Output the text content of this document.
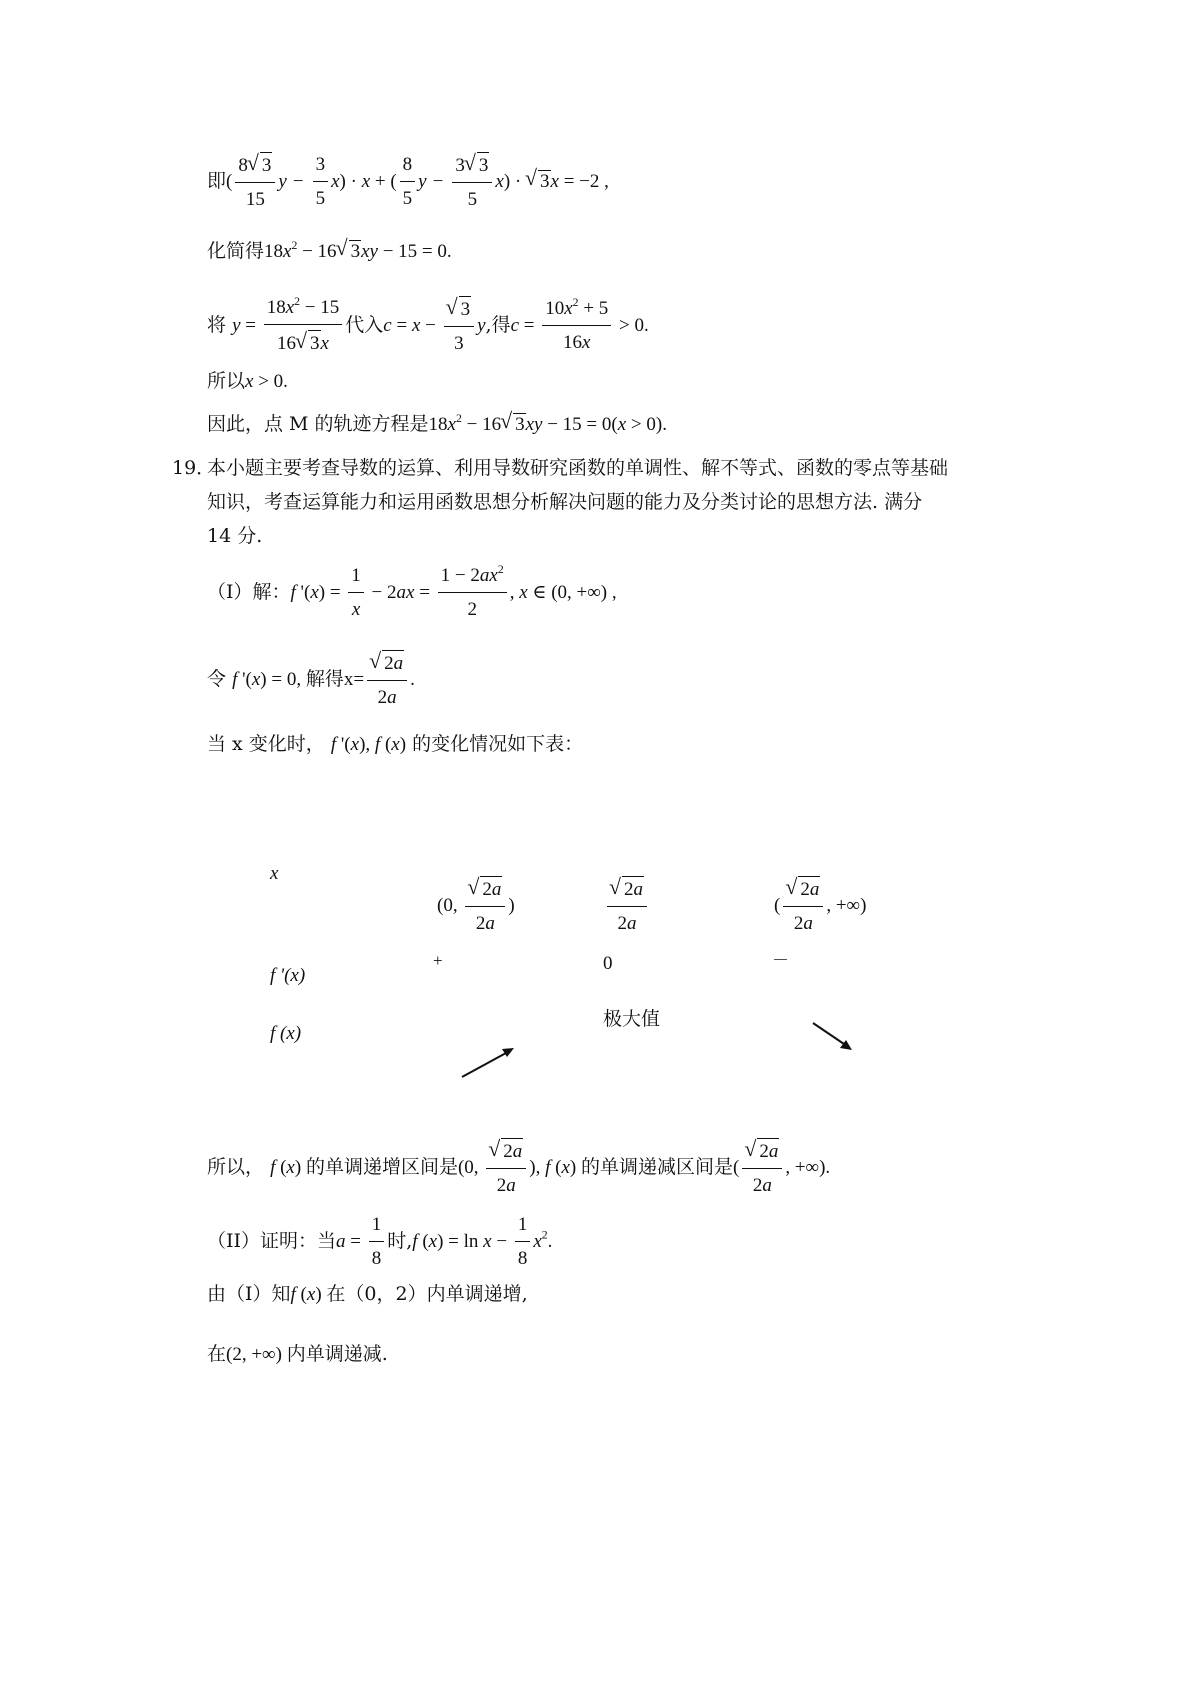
即( $\frac{8√ 3}{15}$ $y - \frac{3}{5} x) \cdot x$ + ( $\frac{8}{5}$ $y - \frac{3√ 3}{5} x$) · √ 3x = −2 ,
化简得$18x^2 - 16√$ 3xy − 15 = 0.
将 $y = \frac{18x^2 - 15}{16√ 3x}$ 代入c = x −
√ $\frac{3}{3} y$,得$c = \frac{10x^2 + 5}{16x} > 0$.
所以x > 0.
因此，点 M 的轨迹方程是$18x^2 - 16√$ 3xy − 15 = 0(x > 0).
19．
本小题主要考查导数的运算、利用导数研究函数的单调性、解不等式、函数的零点等基础知识，考查运算能力和运用函数思想分析解决问题的能力及分类讨论的思想方法. 满分 14 分.
（I）解：f '$(x) = \frac{1}{x} - 2ax = \frac{1 - 2ax^2}{2}$ , x ∈ (0, +∞) ,
令 f '(x) = 0, 解得x=
√ $\frac{2a}{2a}$ .
当 x 变化时， f '(x), f (x) 的变化情况如下表：
x
(0,
√ $\frac{2a}{2a}$ )
√	$\frac{2a}{2a}$	(
√ $\frac{2a}{2a}$ , +∞)
+	0	－
f '(x)
f (x)
极大值
所以， f (x) 的单调递增区间是(0,
√ $\frac{2a}{2a}$ ), f (x) 的单调递减区间是(
√ $\frac{2a}{2a}$ , +∞).
（II）证明：当$a = \frac{1}{8}$ 时,f $(x) = \ln x - \frac{1}{8} x^2$.
由（I）知f (x) 在（0，2）内单调递增,
在(2, +∞) 内单调递减.
